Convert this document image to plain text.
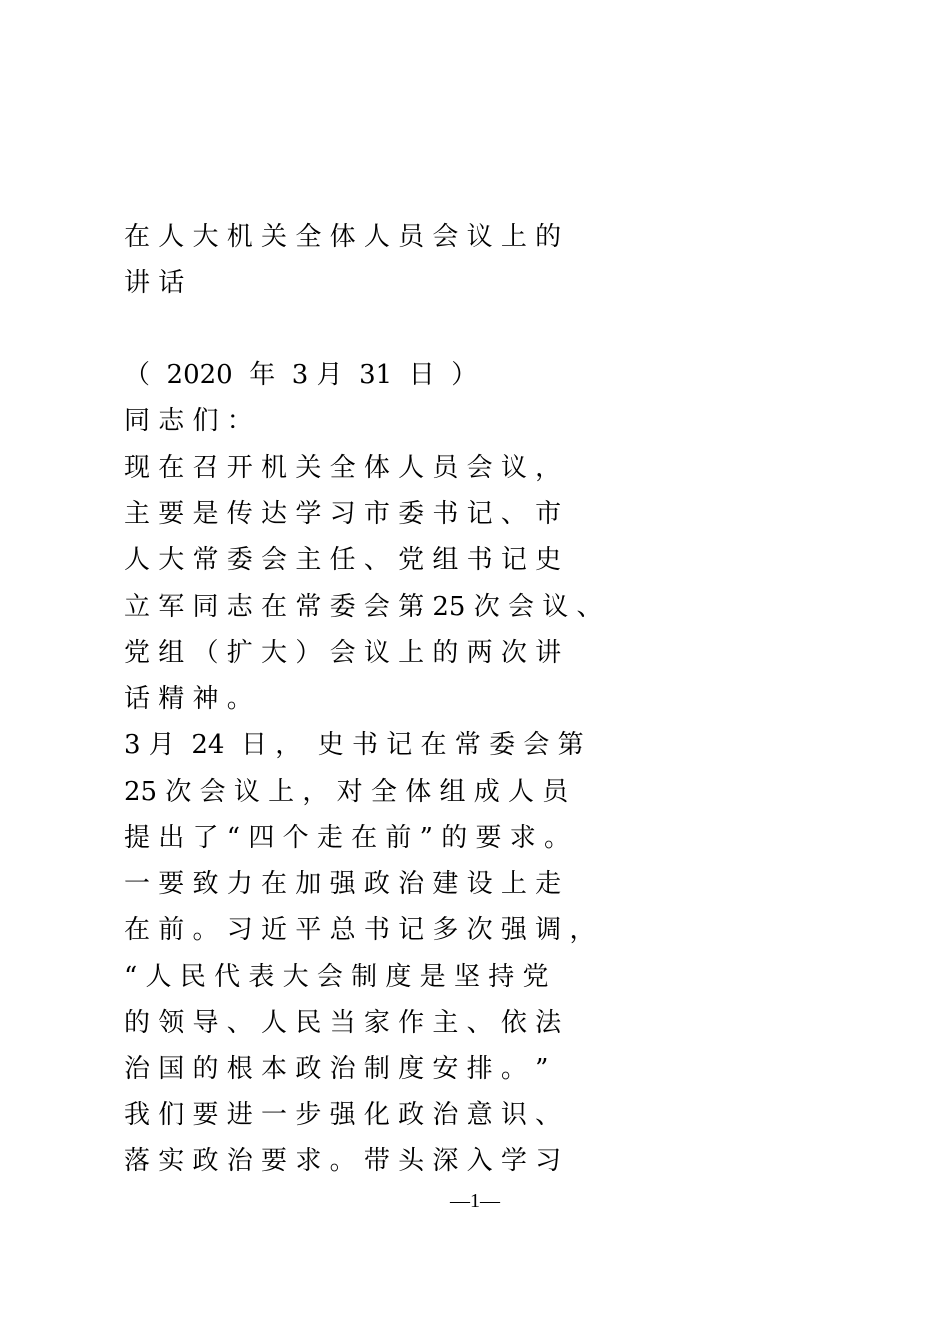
在 人 大 机 关 全 体 人 员 会 议 上 的
讲 话
（  2020  年  3 月  31  日  ）
同 志 们 ：
现 在 召 开 机 关 全 体 人 员 会 议 ，
主 要 是 传 达 学 习 市 委 书 记 、 市
人 大 常 委 会 主 任 、 党 组 书 记 史
立 军 同 志 在 常 委 会 第 25 次 会 议 、
党 组 （ 扩 大 ） 会 议 上 的 两 次 讲
话 精 神 。
3 月  24  日 ，  史 书 记 在 常 委 会 第
25 次 会 议 上 ， 对 全 体 组 成 人 员
提 出 了 “ 四 个 走 在 前 ” 的 要 求 。
一 要 致 力 在 加 强 政 治 建 设 上 走
在 前 。 习 近 平 总 书 记 多 次 强 调 ，
“ 人 民 代 表 大 会 制 度 是 坚 持 党
的 领 导 、 人 民 当 家 作 主 、 依 法
治 国 的 根 本 政 治 制 度 安 排 。 ”
我 们 要 进 一 步 强 化 政 治 意 识 、
落 实 政 治 要 求 。 带 头 深 入 学 习
—1—
